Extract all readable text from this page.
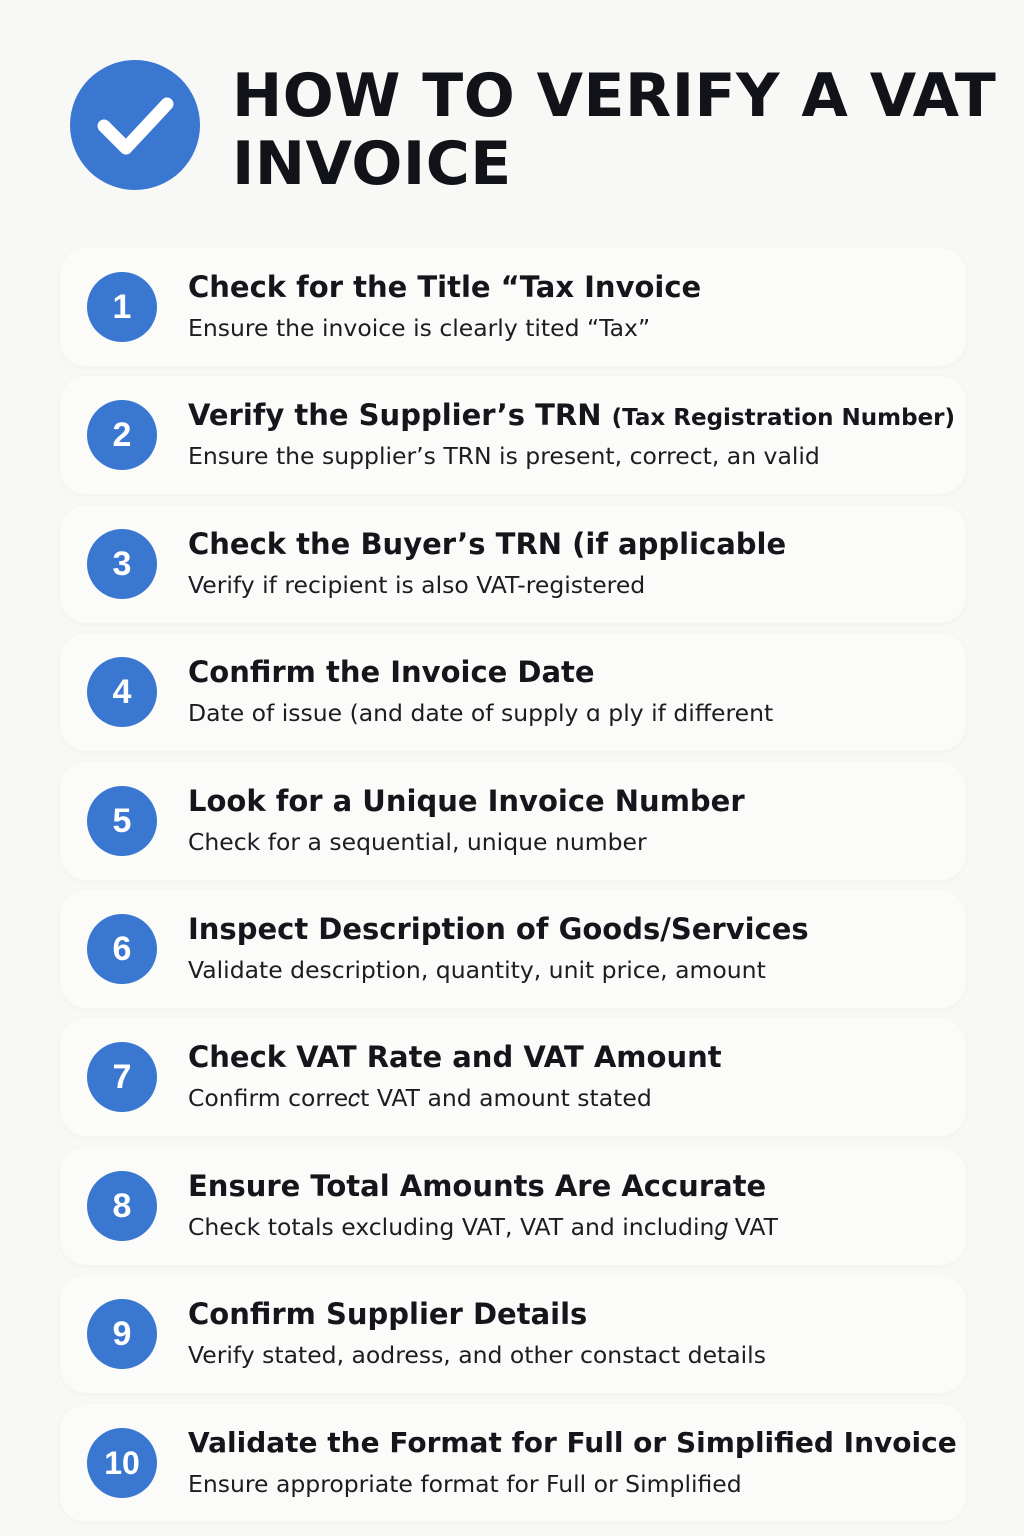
HOW TO VERIFY A VAT INVOICE
1
Check for the Title “Tax Invoice
Ensure the invoice is clearly tited “Tax”
2
Verify the Supplier’s TRN (Tax Registration Number)
Ensure the supplier’s TRN is present, correct, an valid
3
Check the Buyer’s TRN (if applicable
Verify if recipient is also VAT-registered
4
Confirm the Invoice Date
Date of issue (and date of supply ɑ ply if different
5
Look for a Unique Invoice Number
Check for a sequential, unique number
6
Inspect Description of Goods/Services
Validate description, quantity, unit price, amount
7
Check VAT Rate and VAT Amount
Confirm corre𝑐t VAT and amount stated
8
Ensure Total Amounts Are Accurate
Check totals excluding VAT, VAT and includin𝑔 VAT
9
Confirm Supplier Details
Verify stated, aodress, and other constact details
10
Validate the Format for Full or Simplified Invoice
Ensure appropriate format for Full or Simplified
